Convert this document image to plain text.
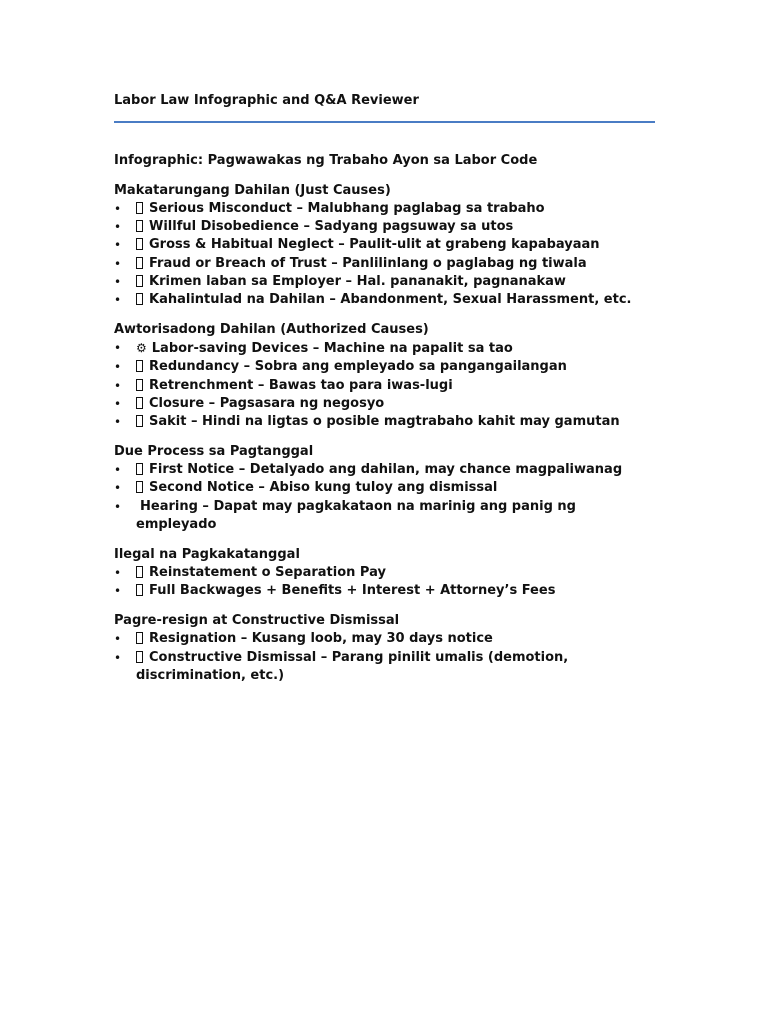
Labor Law Infographic and Q&A Reviewer
Infographic: Pagwawakas ng Trabaho Ayon sa Labor Code
Makatarungang Dahilan (Just Causes)
• Serious Misconduct – Malubhang paglabag sa trabaho
• Willful Disobedience – Sadyang pagsuway sa utos
• Gross & Habitual Neglect – Paulit-ulit at grabeng kapabayaan
• Fraud or Breach of Trust – Panlilinlang o paglabag ng tiwala
• Krimen laban sa Employer – Hal. pananakit, pagnanakaw
• Kahalintulad na Dahilan – Abandonment, Sexual Harassment, etc.
Awtorisadong Dahilan (Authorized Causes)
• ⚙ Labor-saving Devices – Machine na papalit sa tao
• Redundancy – Sobra ang empleyado sa pangangailangan
• Retrenchment – Bawas tao para iwas-lugi
• Closure – Pagsasara ng negosyo
• Sakit – Hindi na ligtas o posible magtrabaho kahit may gamutan
Due Process sa Pagtanggal
• First Notice – Detalyado ang dahilan, may chance magpaliwanag
• Second Notice – Abiso kung tuloy ang dismissal
• Hearing – Dapat may pagkakataon na marinig ang panig ng empleyado
Ilegal na Pagkakatanggal
• Reinstatement o Separation Pay
• Full Backwages + Benefits + Interest + Attorney’s Fees
Pagre-resign at Constructive Dismissal
• Resignation – Kusang loob, may 30 days notice
• Constructive Dismissal – Parang pinilit umalis (demotion, discrimination, etc.)
